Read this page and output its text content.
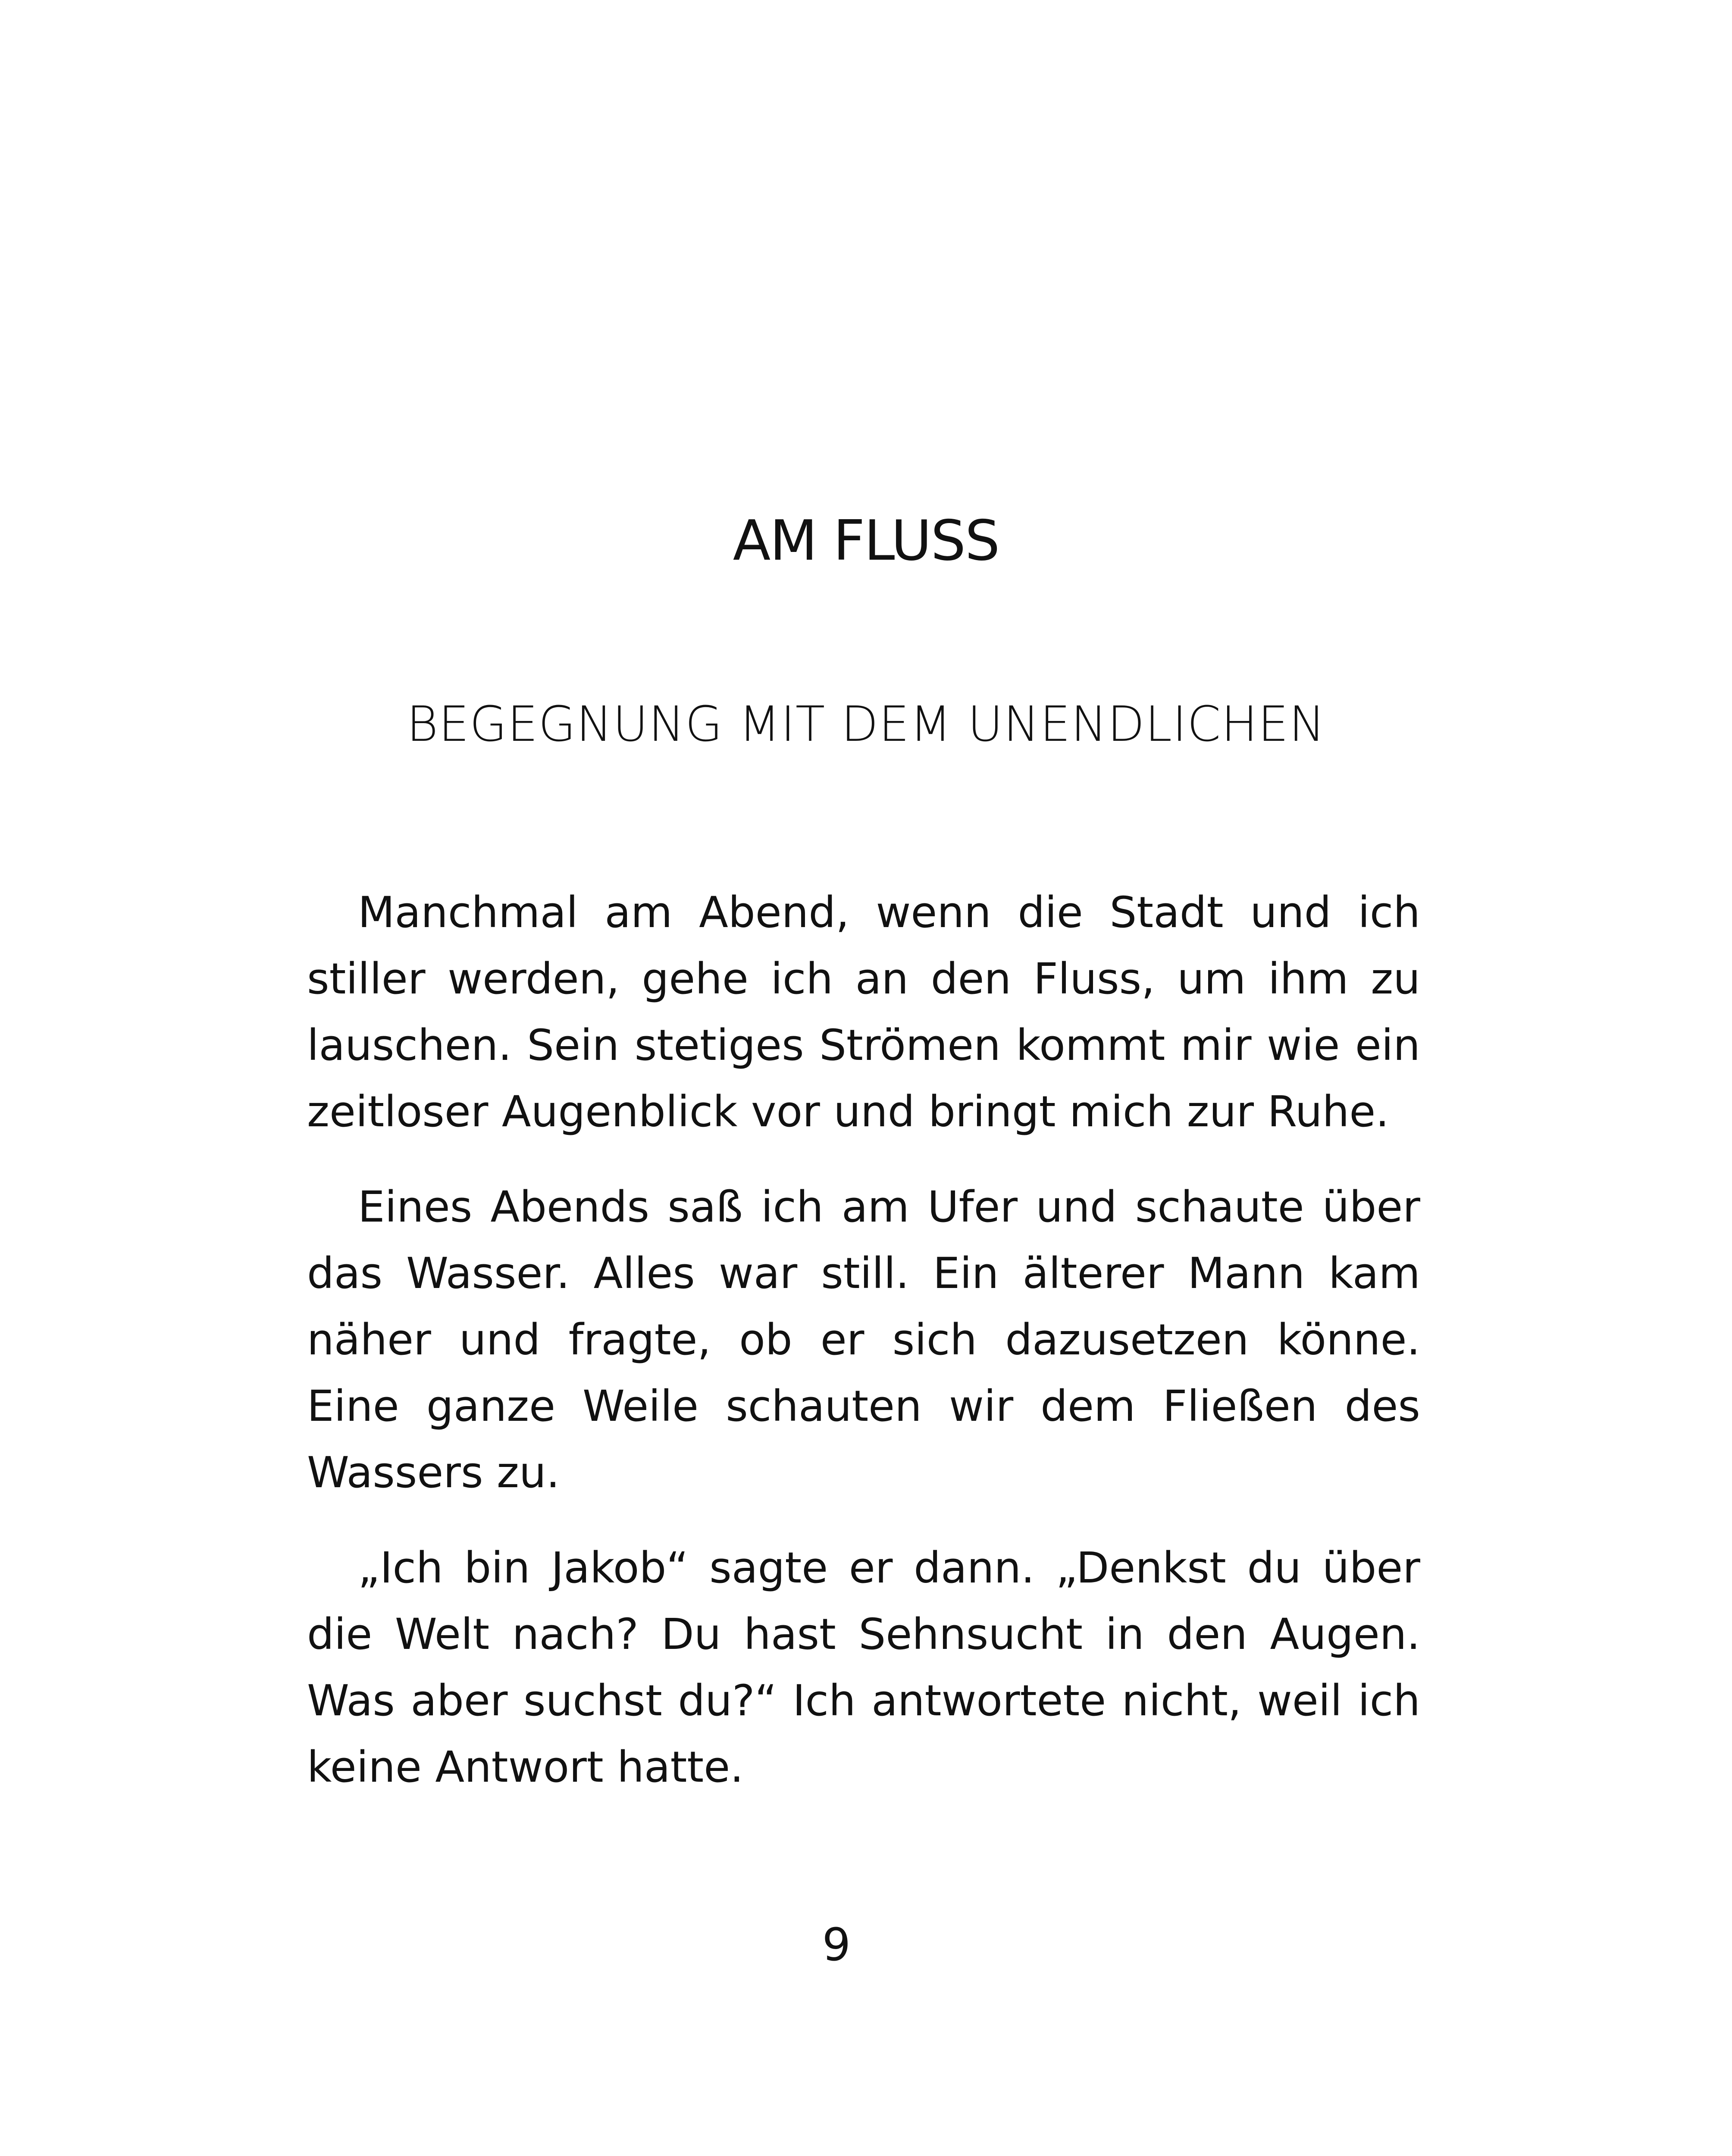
AM FLUSS
BEGEGNUNG MIT DEM UNENDLICHEN

Manchmal am Abend, wenn die Stadt und ich stiller werden, gehe ich an den Fluss, um ihm zu lauschen. Sein stetiges Strömen kommt mir wie ein zeitloser Augenblick vor und bringt mich zur Ruhe.

Eines Abends saß ich am Ufer und schaute über das Wasser. Alles war still. Ein älterer Mann kam näher und fragte, ob er sich dazusetzen könne. Eine ganze Weile schauten wir dem Fließen des Wassers zu.

„Ich bin Jakob“ sagte er dann. „Denkst du über die Welt nach? Du hast Sehnsucht in den Augen. Was aber suchst du?“ Ich antwortete nicht, weil ich keine Antwort hatte.

9
